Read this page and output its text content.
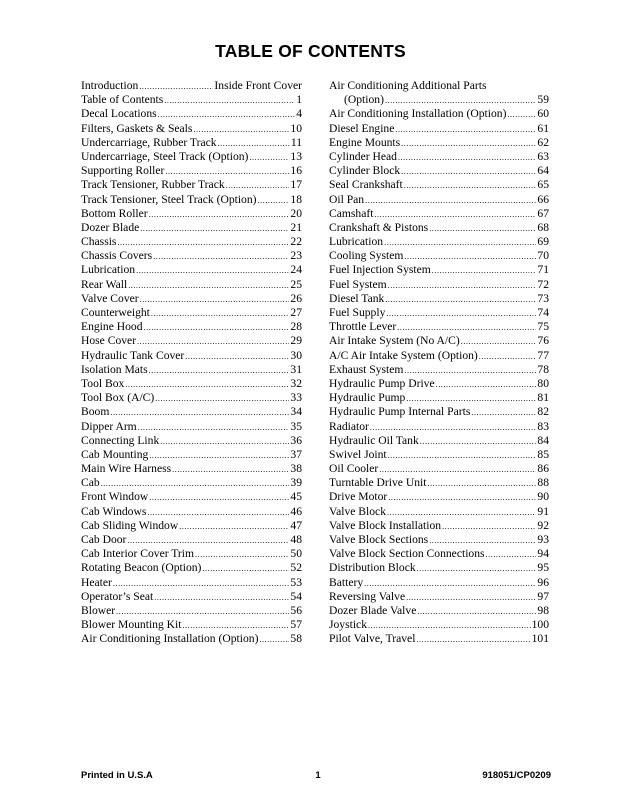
TABLE OF CONTENTS
Introduction .....	Inside Front Cover
Table of Contents .....	1
Decal Locations .....	4
Filters, Gaskets & Seals .....	10
Undercarriage, Rubber Track .....	11
Undercarriage, Steel Track (Option) .....	13
Supporting Roller .....	16
Track Tensioner, Rubber Track .....	17
Track Tensioner, Steel Track (Option) .....	18
Bottom Roller .....	20
Dozer Blade .....	21
Chassis .....	22
Chassis Covers .....	23
Lubrication .....	24
Rear Wall .....	25
Valve Cover .....	26
Counterweight .....	27
Engine Hood .....	28
Hose Cover .....	29
Hydraulic Tank Cover .....	30
Isolation Mats .....	31
Tool Box .....	32
Tool Box (A/C) .....	33
Boom .....	34
Dipper Arm .....	35
Connecting Link .....	36
Cab Mounting .....	37
Main Wire Harness .....	38
Cab .....	39
Front Window .....	45
Cab Windows .....	46
Cab Sliding Window .....	47
Cab Door .....	48
Cab Interior Cover Trim .....	50
Rotating Beacon (Option) .....	52
Heater .....	53
Operator’s Seat .....	54
Blower .....	56
Blower Mounting Kit .....	57
Air Conditioning Installation (Option) .....	58
Air Conditioning Additional Parts
(Option) .....	59
Air Conditioning Installation (Option) .....	60
Diesel Engine .....	61
Engine Mounts .....	62
Cylinder Head .....	63
Cylinder Block .....	64
Seal Crankshaft .....	65
Oil Pan .....	66
Camshaft .....	67
Crankshaft & Pistons .....	68
Lubrication .....	69
Cooling System .....	70
Fuel Injection System .....	71
Fuel System .....	72
Diesel Tank .....	73
Fuel Supply .....	74
Throttle Lever .....	75
Air Intake System (No A/C) .....	76
A/C Air Intake System (Option) .....	77
Exhaust System .....	78
Hydraulic Pump Drive .....	80
Hydraulic Pump .....	81
Hydraulic Pump Internal Parts .....	82
Radiator .....	83
Hydraulic Oil Tank .....	84
Swivel Joint .....	85
Oil Cooler .....	86
Turntable Drive Unit .....	88
Drive Motor .....	90
Valve Block .....	91
Valve Block Installation .....	92
Valve Block Sections .....	93
Valve Block Section Connections .....	94
Distribution Block .....	95
Battery .....	96
Reversing Valve .....	97
Dozer Blade Valve .....	98
Joystick .....	100
Pilot Valve, Travel .....	101
Printed in U.S.A	1	918051/CP0209
